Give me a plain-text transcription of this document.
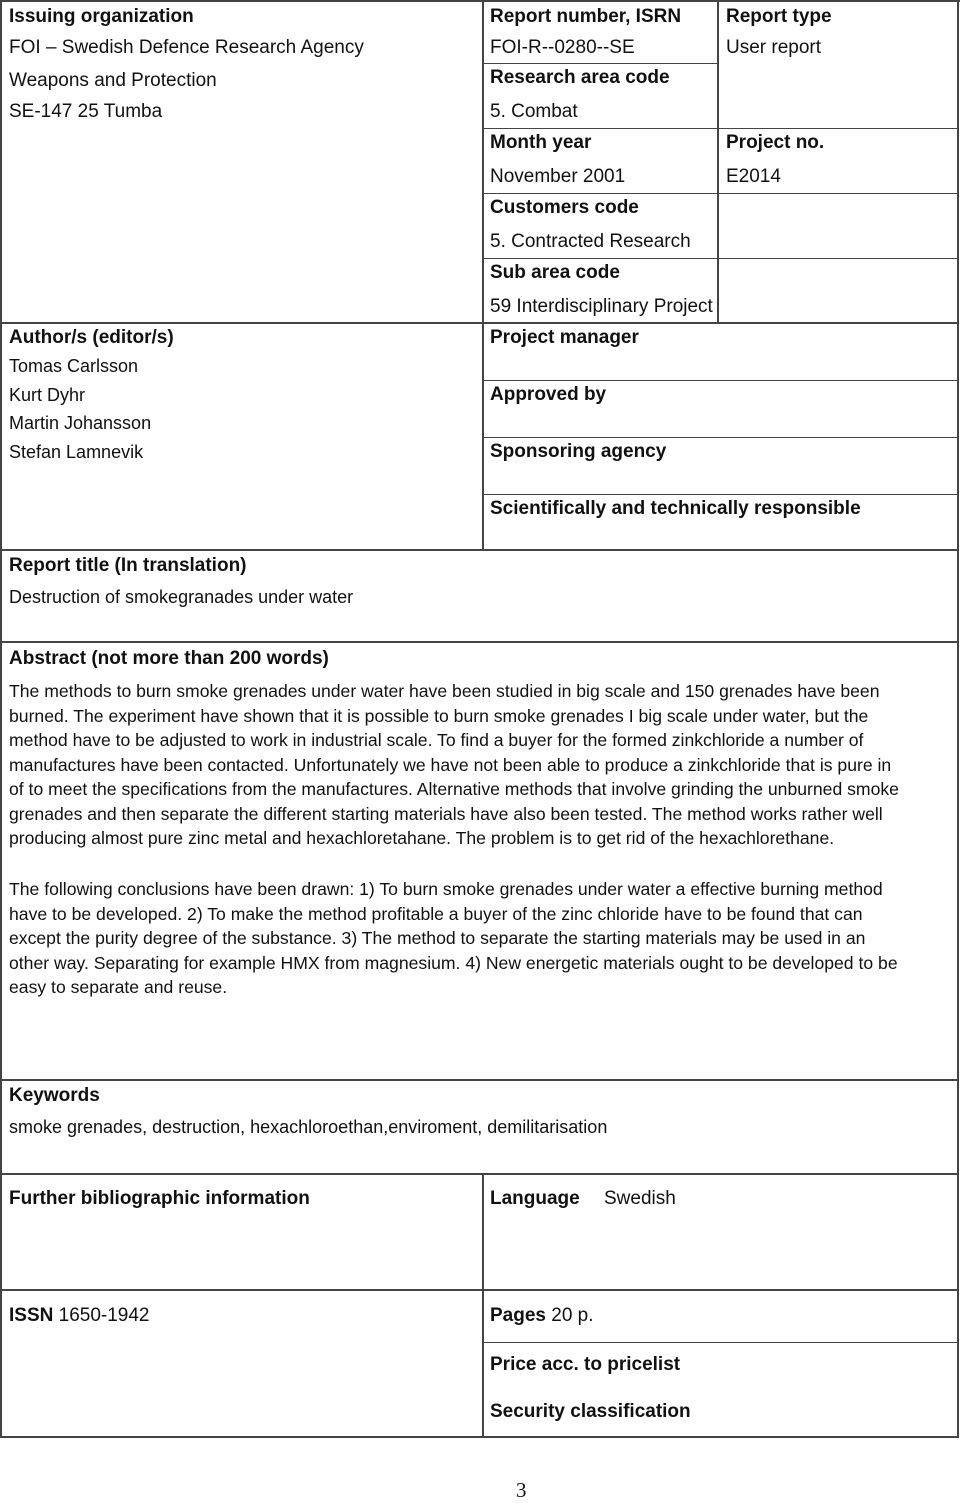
Issuing organization
FOI – Swedish Defence Research Agency
Weapons and Protection
SE-147 25 Tumba
Report number, ISRN
FOI-R--0280--SE
Report type
User report
Research area code
5. Combat
Month year
November 2001
Project no.
E2014
Customers code
5. Contracted Research
Sub area code
59 Interdisciplinary Project
Author/s (editor/s)
Tomas Carlsson
Kurt Dyhr
Martin Johansson
Stefan Lamnevik
Project manager
Approved by
Sponsoring agency
Scientifically and technically responsible
Report title (In translation)
Destruction of smokegranades under water
Abstract (not more than 200 words)
The methods to burn smoke grenades under water have been studied in big scale and 150 grenades have been
burned. The experiment have shown that it is possible to burn smoke grenades I big scale under water, but the
method have to be adjusted to work in industrial scale. To find a buyer for the formed zinkchloride a number of
manufactures have been contacted. Unfortunately we have not been able to produce a zinkchloride that is pure in
of to meet the specifications from the manufactures. Alternative methods that involve grinding the unburned smoke
grenades and then separate the different starting materials have also been tested. The method works rather well
producing almost pure zinc metal and hexachloretahane. The problem is to get rid of the hexachlorethane.
The following conclusions have been drawn: 1) To burn smoke grenades under water a effective burning method
have to be developed. 2) To make the method profitable a buyer of the zinc chloride have to be found that can
except the purity degree of the substance. 3) The method to separate the starting materials may be used in an
other way. Separating for example HMX from magnesium. 4) New energetic materials ought to be developed to be
easy to separate and reuse.
Keywords
smoke grenades, destruction, hexachloroethan,enviroment, demilitarisation
Further bibliographic information	Language Swedish
ISSN 1650-1942	Pages 20 p.
Price acc. to pricelist
Security classification
3
